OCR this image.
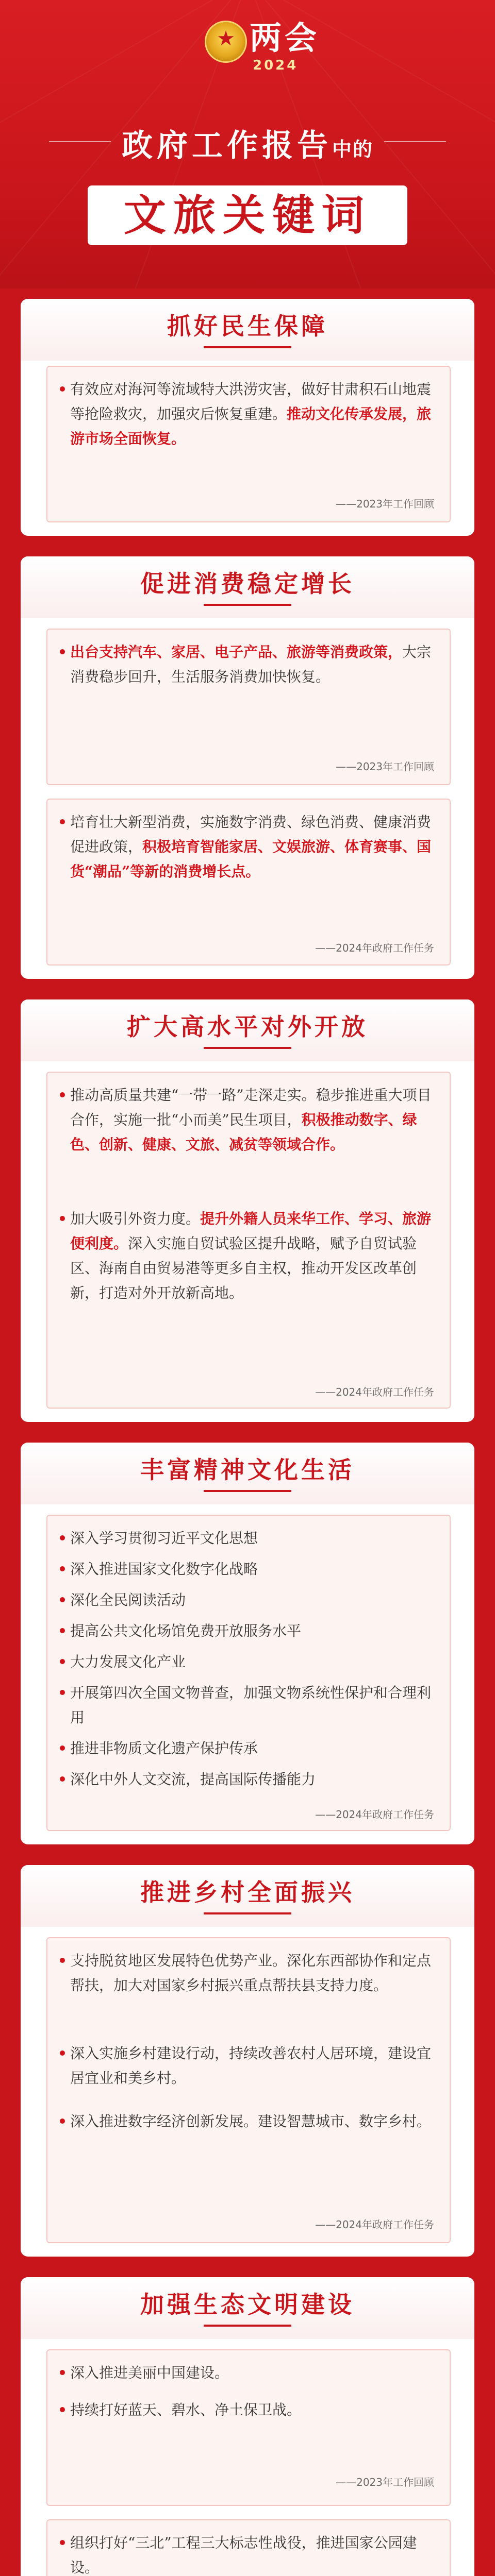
★ 两会
2024
政府工作报告中的
文旅关键词
抓好民生保障
有效应对海河等流域特大洪涝灾害，做好甘肃积石山地震等抢险救灾，加强灾后恢复重建。推动文化传承发展，旅游市场全面恢复。
——2023年工作回顾
促进消费稳定增长
出台支持汽车、家居、电子产品、旅游等消费政策，大宗消费稳步回升，生活服务消费加快恢复。
——2023年工作回顾
培育壮大新型消费，实施数字消费、绿色消费、健康消费促进政策，积极培育智能家居、文娱旅游、体育赛事、国货“潮品”等新的消费增长点。
——2024年政府工作任务
扩大高水平对外开放
推动高质量共建“一带一路”走深走实。稳步推进重大项目合作，实施一批“小而美”民生项目，积极推动数字、绿色、创新、健康、文旅、减贫等领域合作。
加大吸引外资力度。提升外籍人员来华工作、学习、旅游便利度。深入实施自贸试验区提升战略，赋予自贸试验区、海南自由贸易港等更多自主权，推动开发区改革创新，打造对外开放新高地。
——2024年政府工作任务
丰富精神文化生活
深入学习贯彻习近平文化思想
深入推进国家文化数字化战略
深化全民阅读活动
提高公共文化场馆免费开放服务水平
大力发展文化产业
开展第四次全国文物普查，加强文物系统性保护和合理利用
推进非物质文化遗产保护传承
深化中外人文交流，提高国际传播能力
——2024年政府工作任务
推进乡村全面振兴
支持脱贫地区发展特色优势产业。深化东西部协作和定点帮扶，加大对国家乡村振兴重点帮扶县支持力度。
深入实施乡村建设行动，持续改善农村人居环境，建设宜居宜业和美乡村。
深入推进数字经济创新发展。建设智慧城市、数字乡村。
——2024年政府工作任务
加强生态文明建设
深入推进美丽中国建设。
持续打好蓝天、碧水、净土保卫战。
——2023年工作回顾
组织打好“三北”工程三大标志性战役，推进国家公园建设。
